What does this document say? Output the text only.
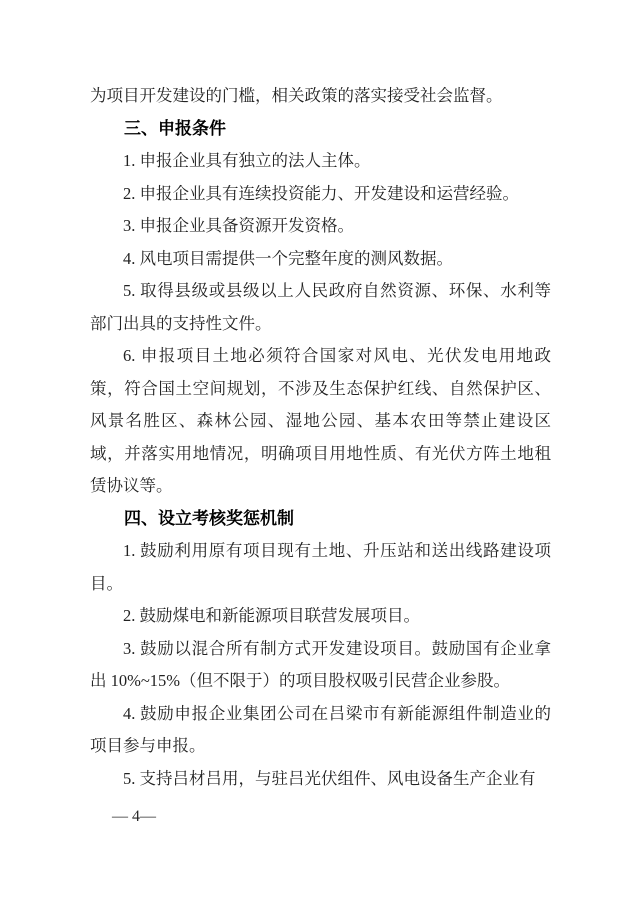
为项目开发建设的门槛，相关政策的落实接受社会监督。

三、申报条件

1. 申报企业具有独立的法人主体。

2. 申报企业具有连续投资能力、开发建设和运营经验。

3. 申报企业具备资源开发资格。

4. 风电项目需提供一个完整年度的测风数据。

5. 取得县级或县级以上人民政府自然资源、环保、水利等部门出具的支持性文件。

6. 申报项目土地必须符合国家对风电、光伏发电用地政策，符合国土空间规划，不涉及生态保护红线、自然保护区、风景名胜区、森林公园、湿地公园、基本农田等禁止建设区域，并落实用地情况，明确项目用地性质、有光伏方阵土地租赁协议等。

四、设立考核奖惩机制

1. 鼓励利用原有项目现有土地、升压站和送出线路建设项目。

2. 鼓励煤电和新能源项目联营发展项目。

3. 鼓励以混合所有制方式开发建设项目。鼓励国有企业拿出 10%~15%（但不限于）的项目股权吸引民营企业参股。

4. 鼓励申报企业集团公司在吕梁市有新能源组件制造业的项目参与申报。

5. 支持吕材吕用，与驻吕光伏组件、风电设备生产企业有

— 4—
